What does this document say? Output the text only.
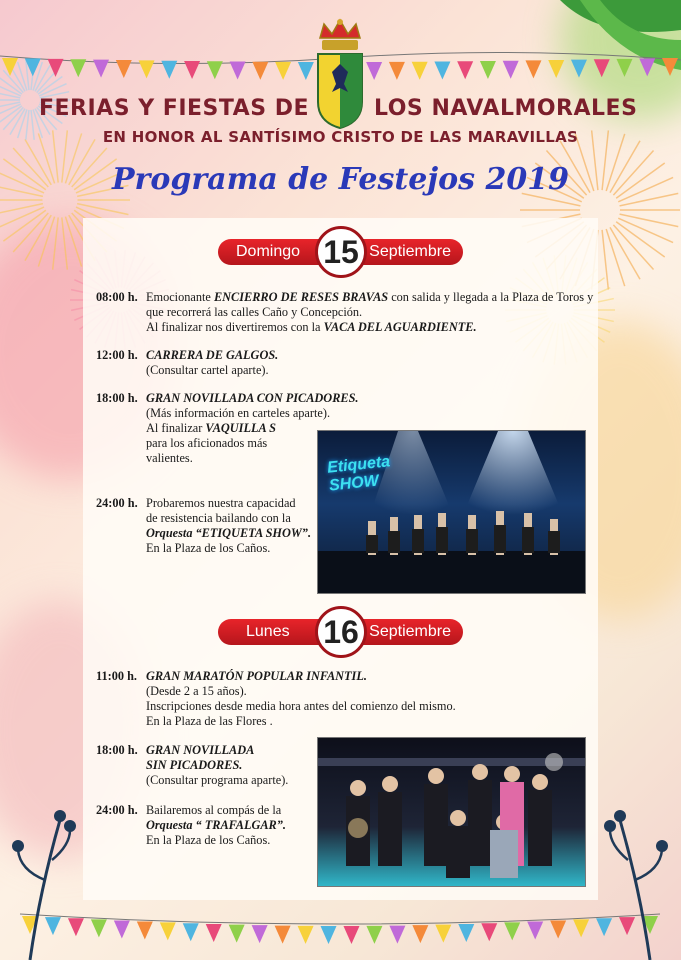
FERIAS Y FIESTAS DE	LOS NAVALMORALES
EN HONOR AL SANTÍSIMO CRISTO DE LAS MARAVILLAS
Programa de Festejos 2019
Domingo	Septiembre
15
08:00 h. Emocionante ENCIERRO DE RESES BRAVAS con salida y llegada a la Plaza de Toros y
que recorrerá las calles Caño y Concepción.
Al finalizar nos divertiremos con la VACA DEL AGUARDIENTE.
12:00 h. CARRERA DE GALGOS.
(Consultar cartel aparte).
18:00 h. GRAN NOVILLADA CON PICADORES.
(Más información en carteles aparte).
Al finalizar VAQUILLA S
para los aficionados más
valientes.
24:00 h. Probaremos nuestra capacidad
de resistencia bailando con la
Orquesta “ETIQUETA SHOW”.
En la Plaza de los Caños.
Etiqueta SHOW
Lunes	Septiembre
16
11:00 h. GRAN MARATÓN POPULAR INFANTIL.
(Desde 2 a 15 años).
Inscripciones desde media hora antes del comienzo del mismo.
En la Plaza de las Flores .
18:00 h. GRAN NOVILLADA
SIN PICADORES.
(Consultar programa aparte).
24:00 h. Bailaremos al compás de la
Orquesta “ TRAFALGAR”.
En la Plaza de los Caños.
